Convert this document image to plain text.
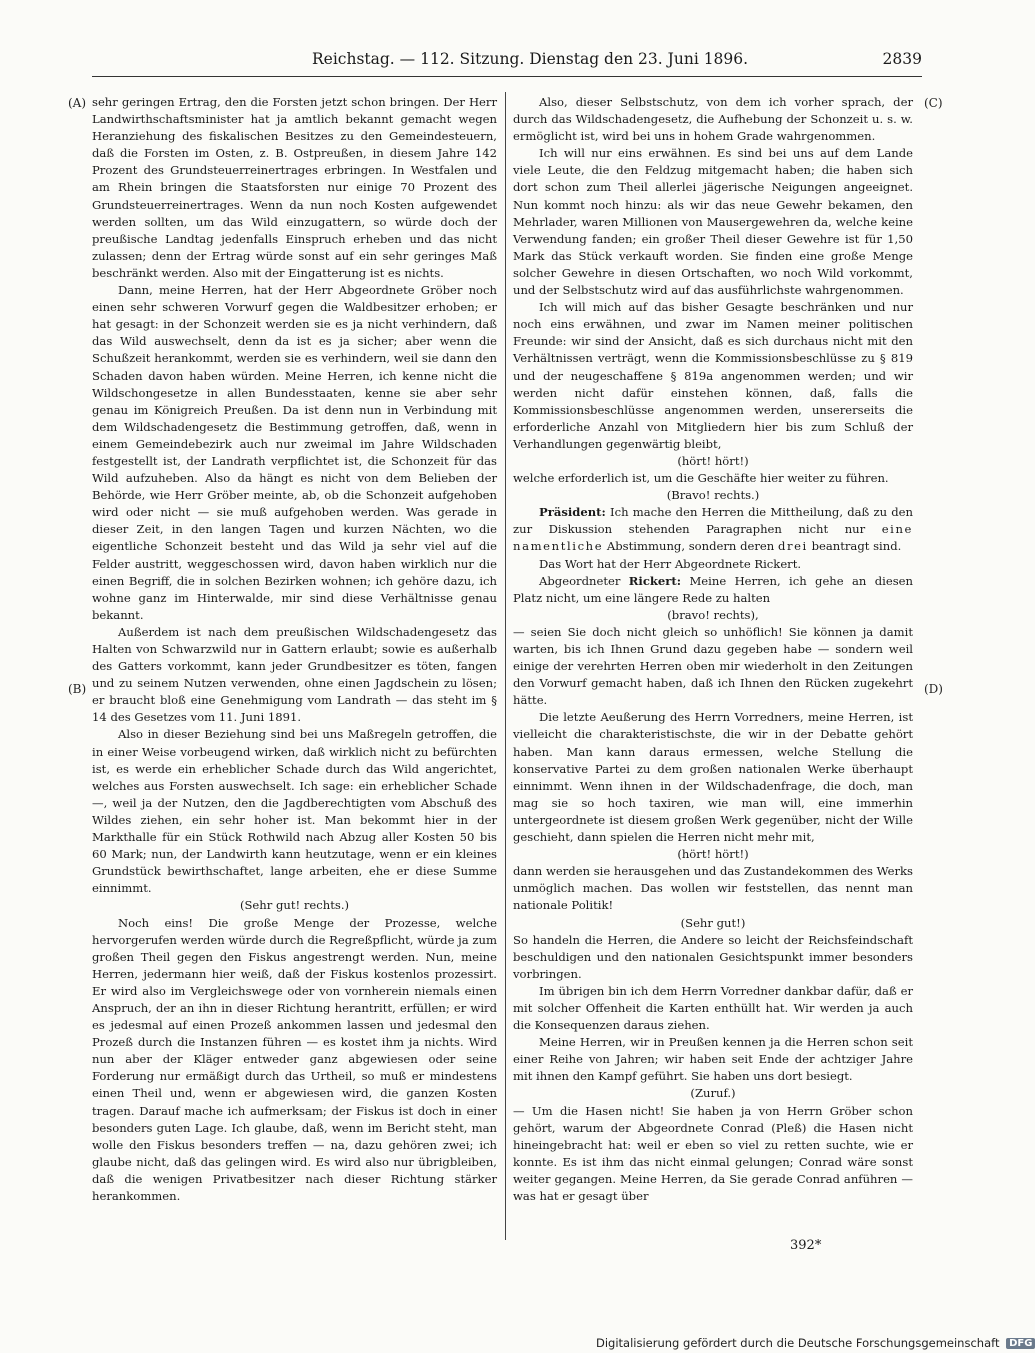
Reichstag. — 112. Sitzung. Dienstag den 23. Juni 1896.	2839
(A)
(B)
(C)
(D)

sehr geringen Ertrag, den die Forsten jetzt schon bringen. Der Herr Landwirthschaftsminister hat ja amtlich bekannt gemacht wegen Heranziehung des fiskalischen Besitzes zu den Gemeindesteuern, daß die Forsten im Osten, z. B. Ostpreußen, in diesem Jahre 142 Prozent des Grundsteuerreinertrages erbringen. In Westfalen und am Rhein bringen die Staatsforsten nur einige 70 Prozent des Grundsteuerreinertrages. Wenn da nun noch Kosten aufgewendet werden sollten, um das Wild einzugattern, so würde doch der preußische Landtag jedenfalls Einspruch erheben und das nicht zulassen; denn der Ertrag würde sonst auf ein sehr geringes Maß beschränkt werden. Also mit der Eingatterung ist es nichts.

Dann, meine Herren, hat der Herr Abgeordnete Gröber noch einen sehr schweren Vorwurf gegen die Waldbesitzer erhoben; er hat gesagt: in der Schonzeit werden sie es ja nicht verhindern, daß das Wild auswechselt, denn da ist es ja sicher; aber wenn die Schußzeit herankommt, werden sie es verhindern, weil sie dann den Schaden davon haben würden. Meine Herren, ich kenne nicht die Wildschongesetze in allen Bundesstaaten, kenne sie aber sehr genau im Königreich Preußen. Da ist denn nun in Verbindung mit dem Wildschadengesetz die Bestimmung getroffen, daß, wenn in einem Gemeindebezirk auch nur zweimal im Jahre Wildschaden festgestellt ist, der Landrath verpflichtet ist, die Schonzeit für das Wild aufzuheben. Also da hängt es nicht von dem Belieben der Behörde, wie Herr Gröber meinte, ab, ob die Schonzeit aufgehoben wird oder nicht — sie muß aufgehoben werden. Was gerade in dieser Zeit, in den langen Tagen und kurzen Nächten, wo die eigentliche Schonzeit besteht und das Wild ja sehr viel auf die Felder austritt, weggeschossen wird, davon haben wirklich nur die einen Begriff, die in solchen Bezirken wohnen; ich gehöre dazu, ich wohne ganz im Hinterwalde, mir sind diese Verhältnisse genau bekannt.

Außerdem ist nach dem preußischen Wildschadengesetz das Halten von Schwarzwild nur in Gattern erlaubt; sowie es außerhalb des Gatters vorkommt, kann jeder Grundbesitzer es töten, fangen und zu seinem Nutzen verwenden, ohne einen Jagdschein zu lösen; er braucht bloß eine Genehmigung vom Landrath — das steht im § 14 des Gesetzes vom 11. Juni 1891.

Also in dieser Beziehung sind bei uns Maßregeln getroffen, die in einer Weise vorbeugend wirken, daß wirklich nicht zu befürchten ist, es werde ein erheblicher Schade durch das Wild angerichtet, welches aus Forsten auswechselt. Ich sage: ein erheblicher Schade —, weil ja der Nutzen, den die Jagdberechtigten vom Abschuß des Wildes ziehen, ein sehr hoher ist. Man bekommt hier in der Markthalle für ein Stück Rothwild nach Abzug aller Kosten 50 bis 60 Mark; nun, der Landwirth kann heutzutage, wenn er ein kleines Grundstück bewirthschaftet, lange arbeiten, ehe er diese Summe einnimmt.

(Sehr gut! rechts.)

Noch eins! Die große Menge der Prozesse, welche hervorgerufen werden würde durch die Regreßpflicht, würde ja zum großen Theil gegen den Fiskus angestrengt werden. Nun, meine Herren, jedermann hier weiß, daß der Fiskus kostenlos prozessirt. Er wird also im Vergleichswege oder von vornherein niemals einen Anspruch, der an ihn in dieser Richtung herantritt, erfüllen; er wird es jedesmal auf einen Prozeß ankommen lassen und jedesmal den Prozeß durch die Instanzen führen — es kostet ihm ja nichts. Wird nun aber der Kläger entweder ganz abgewiesen oder seine Forderung nur ermäßigt durch das Urtheil, so muß er mindestens einen Theil und, wenn er abgewiesen wird, die ganzen Kosten tragen. Darauf mache ich aufmerksam; der Fiskus ist doch in einer besonders guten Lage. Ich glaube, daß, wenn im Bericht steht, man wolle den Fiskus besonders treffen — na, dazu gehören zwei; ich glaube nicht, daß das gelingen wird. Es wird also nur übrigbleiben, daß die wenigen Privatbesitzer nach dieser Richtung stärker herankommen.

Also, dieser Selbstschutz, von dem ich vorher sprach, der durch das Wildschadengesetz, die Aufhebung der Schonzeit u. s. w. ermöglicht ist, wird bei uns in hohem Grade wahrgenommen.

Ich will nur eins erwähnen. Es sind bei uns auf dem Lande viele Leute, die den Feldzug mitgemacht haben; die haben sich dort schon zum Theil allerlei jägerische Neigungen angeeignet. Nun kommt noch hinzu: als wir das neue Gewehr bekamen, den Mehrlader, waren Millionen von Mausergewehren da, welche keine Verwendung fanden; ein großer Theil dieser Gewehre ist für 1,50 Mark das Stück verkauft worden. Sie finden eine große Menge solcher Gewehre in diesen Ortschaften, wo noch Wild vorkommt, und der Selbstschutz wird auf das ausführlichste wahrgenommen.

Ich will mich auf das bisher Gesagte beschränken und nur noch eins erwähnen, und zwar im Namen meiner politischen Freunde: wir sind der Ansicht, daß es sich durchaus nicht mit den Verhältnissen verträgt, wenn die Kommissionsbeschlüsse zu § 819 und der neugeschaffene § 819a angenommen werden; und wir werden nicht dafür einstehen können, daß, falls die Kommissionsbeschlüsse angenommen werden, unsererseits die erforderliche Anzahl von Mitgliedern hier bis zum Schluß der Verhandlungen gegenwärtig bleibt,

(hört! hört!)

welche erforderlich ist, um die Geschäfte hier weiter zu führen.

(Bravo! rechts.)

Präsident: Ich mache den Herren die Mittheilung, daß zu den zur Diskussion stehenden Paragraphen nicht nur eine namentliche Abstimmung, sondern deren drei beantragt sind.

Das Wort hat der Herr Abgeordnete Rickert.

Abgeordneter Rickert: Meine Herren, ich gehe an diesen Platz nicht, um eine längere Rede zu halten

(bravo! rechts),

— seien Sie doch nicht gleich so unhöflich! Sie können ja damit warten, bis ich Ihnen Grund dazu gegeben habe — sondern weil einige der verehrten Herren oben mir wiederholt in den Zeitungen den Vorwurf gemacht haben, daß ich Ihnen den Rücken zugekehrt hätte.

Die letzte Aeußerung des Herrn Vorredners, meine Herren, ist vielleicht die charakteristischste, die wir in der Debatte gehört haben. Man kann daraus ermessen, welche Stellung die konservative Partei zu dem großen nationalen Werke überhaupt einnimmt. Wenn ihnen in der Wildschadenfrage, die doch, man mag sie so hoch taxiren, wie man will, eine immerhin untergeordnete ist diesem großen Werk gegenüber, nicht der Wille geschieht, dann spielen die Herren nicht mehr mit,

(hört! hört!)

dann werden sie herausgehen und das Zustandekommen des Werks unmöglich machen. Das wollen wir feststellen, das nennt man nationale Politik!

(Sehr gut!)

So handeln die Herren, die Andere so leicht der Reichsfeindschaft beschuldigen und den nationalen Gesichtspunkt immer besonders vorbringen.

Im übrigen bin ich dem Herrn Vorredner dankbar dafür, daß er mit solcher Offenheit die Karten enthüllt hat. Wir werden ja auch die Konsequenzen daraus ziehen.

Meine Herren, wir in Preußen kennen ja die Herren schon seit einer Reihe von Jahren; wir haben seit Ende der achtziger Jahre mit ihnen den Kampf geführt. Sie haben uns dort besiegt.

(Zuruf.)

— Um die Hasen nicht! Sie haben ja von Herrn Gröber schon gehört, warum der Abgeordnete Conrad (Pleß) die Hasen nicht hineingebracht hat: weil er eben so viel zu retten suchte, wie er konnte. Es ist ihm das nicht einmal gelungen; Conrad wäre sonst weiter gegangen. Meine Herren, da Sie gerade Conrad anführen — was hat er gesagt über

392*
Digitalisierung gefördert durch die Deutsche Forschungsgemeinschaft DFG
